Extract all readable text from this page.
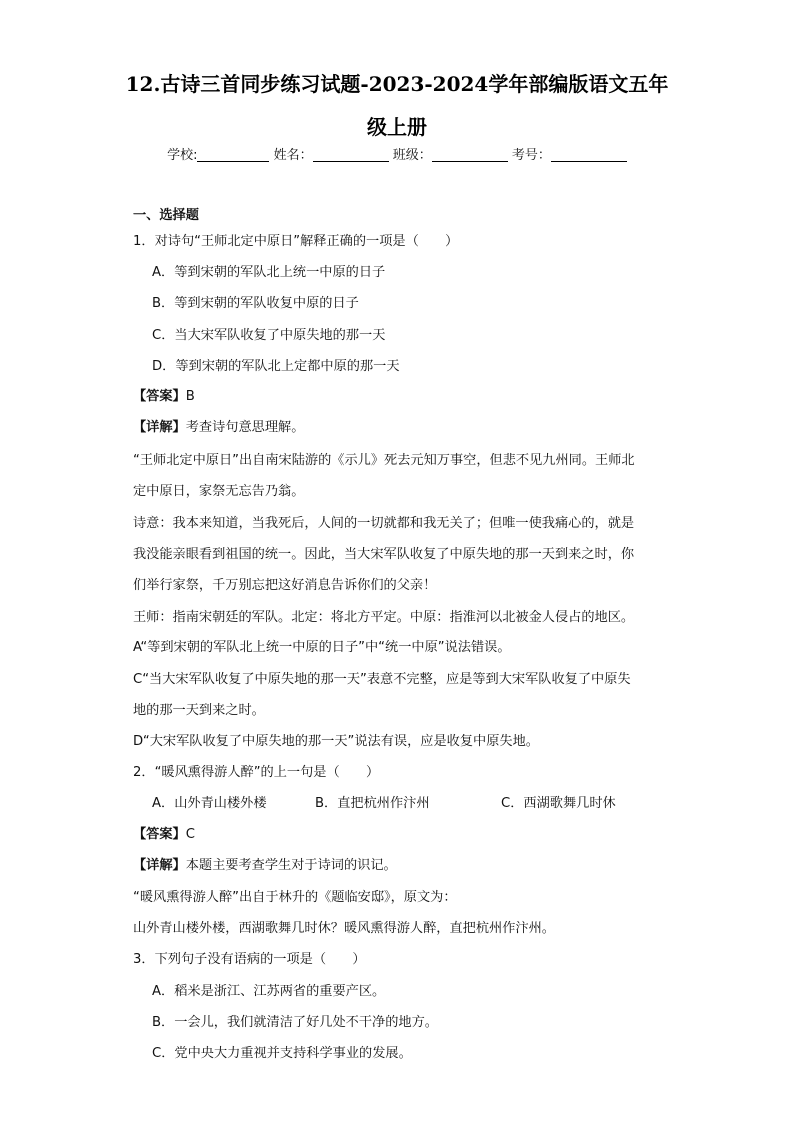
12.古诗三首同步练习试题-2023-2024学年部编版语文五年
级上册
学校:	姓名：	班级：	考号：
一、选择题
1．对诗句“王师北定中原日”解释正确的一项是（　　）
A．等到宋朝的军队北上统一中原的日子
B．等到宋朝的军队收复中原的日子
C．当大宋军队收复了中原失地的那一天
D．等到宋朝的军队北上定都中原的那一天
【答案】B
【详解】考查诗句意思理解。
“王师北定中原日”出自南宋陆游的《示儿》死去元知万事空，但悲不见九州同。王师北
定中原日，家祭无忘告乃翁。
诗意：我本来知道，当我死后，人间的一切就都和我无关了；但唯一使我痛心的，就是
我没能亲眼看到祖国的统一。因此，当大宋军队收复了中原失地的那一天到来之时，你
们举行家祭，千万别忘把这好消息告诉你们的父亲！
王师：指南宋朝廷的军队。北定：将北方平定。中原：指淮河以北被金人侵占的地区。
A“等到宋朝的军队北上统一中原的日子”中“统一中原”说法错误。
C“当大宋军队收复了中原失地的那一天”表意不完整，应是等到大宋军队收复了中原失
地的那一天到来之时。
D“大宋军队收复了中原失地的那一天”说法有误，应是收复中原失地。
2．“暖风熏得游人醉”的上一句是（　　）
A．山外青山楼外楼	B．直把杭州作汴州	C．西湖歌舞几时休
【答案】C
【详解】本题主要考查学生对于诗词的识记。
“暖风熏得游人醉”出自于林升的《题临安邸》，原文为：
山外青山楼外楼，西湖歌舞几时休？暖风熏得游人醉，直把杭州作汴州。
3．下列句子没有语病的一项是（　　）
A．稻米是浙江、江苏两省的重要产区。
B．一会儿，我们就清洁了好几处不干净的地方。
C．党中央大力重视并支持科学事业的发展。
